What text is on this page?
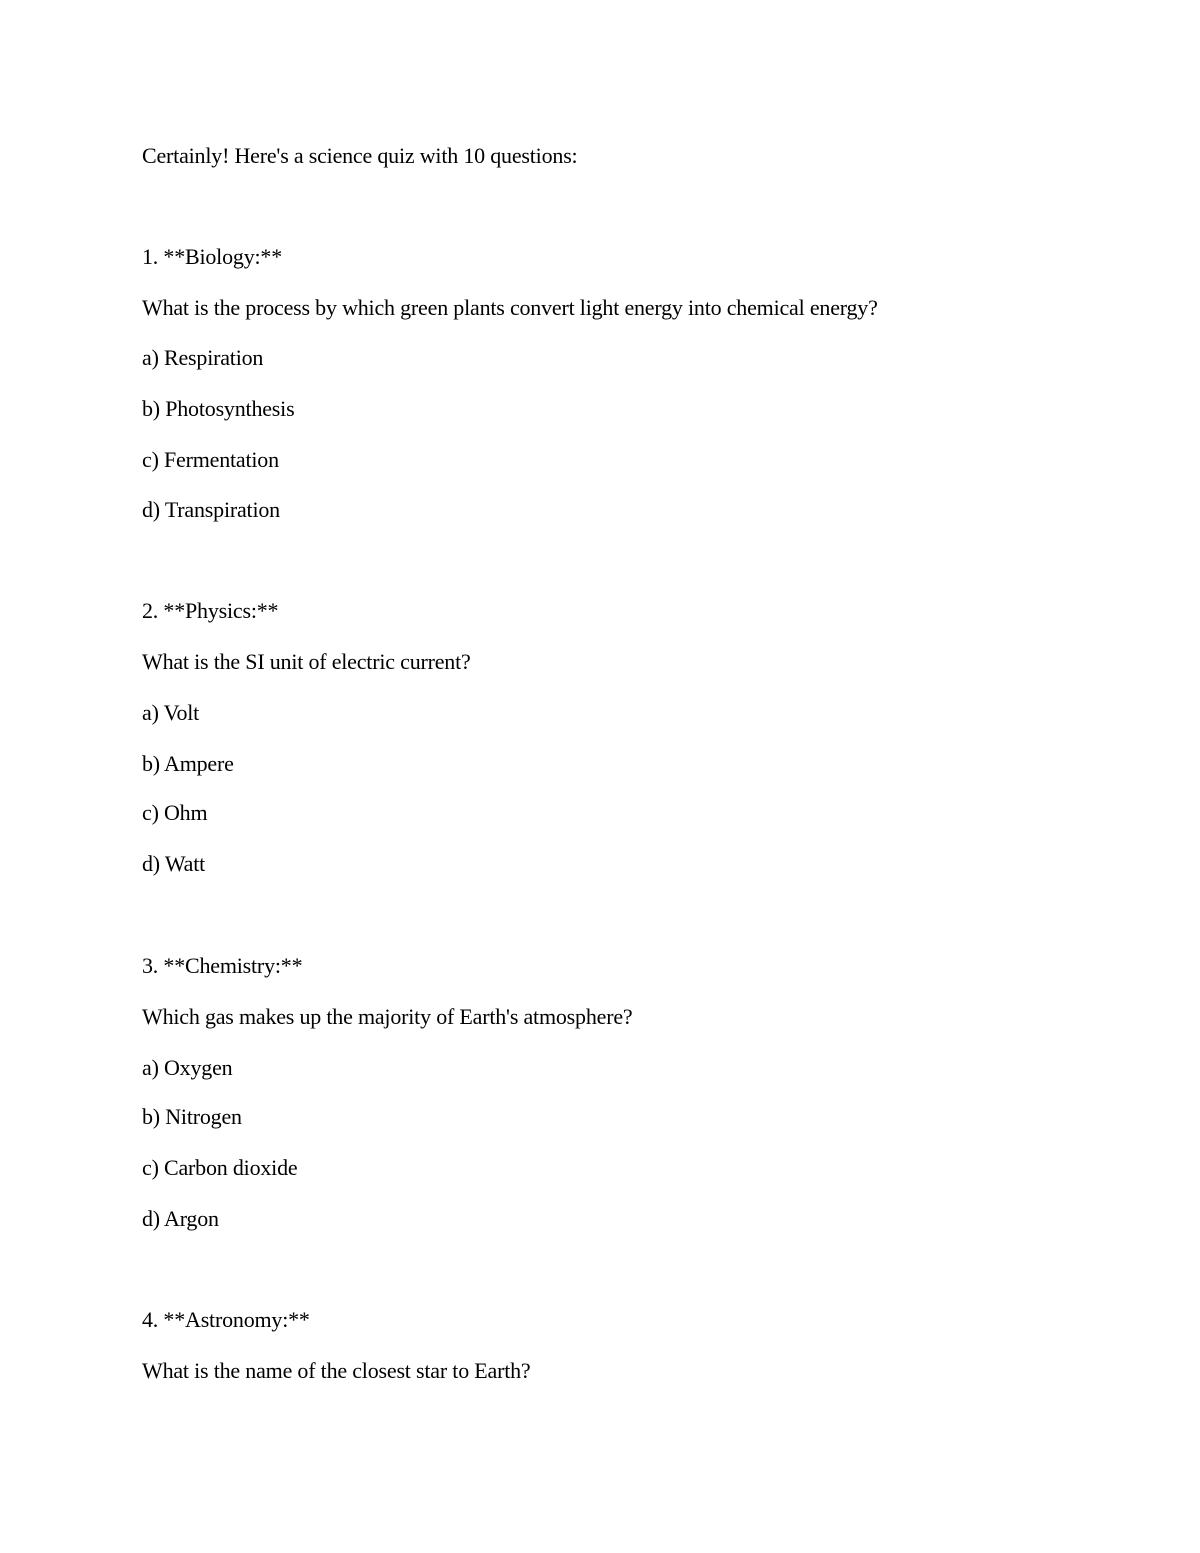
Certainly! Here's a science quiz with 10 questions:
1. **Biology:**
What is the process by which green plants convert light energy into chemical energy?
a) Respiration
b) Photosynthesis
c) Fermentation
d) Transpiration
2. **Physics:**
What is the SI unit of electric current?
a) Volt
b) Ampere
c) Ohm
d) Watt
3. **Chemistry:**
Which gas makes up the majority of Earth's atmosphere?
a) Oxygen
b) Nitrogen
c) Carbon dioxide
d) Argon
4. **Astronomy:**
What is the name of the closest star to Earth?
